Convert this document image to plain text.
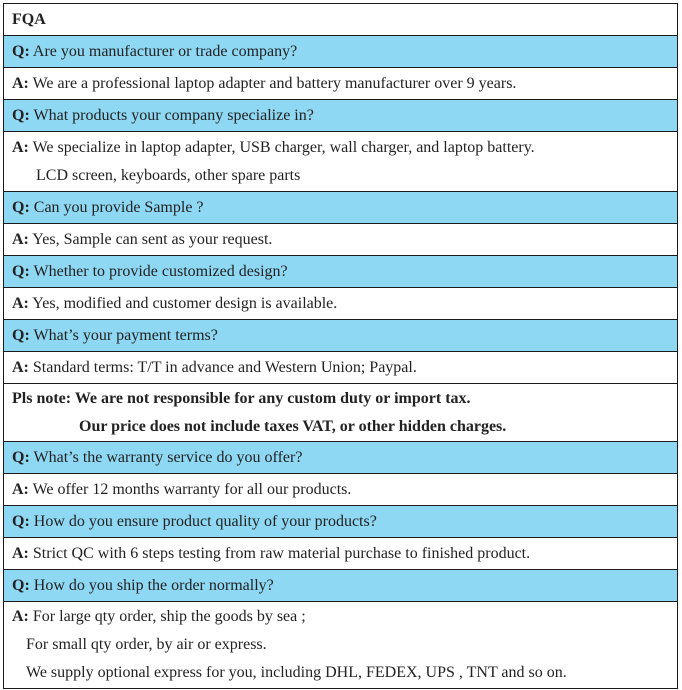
FQA
Q: Are you manufacturer or trade company?
A: We are a professional laptop adapter and battery manufacturer over 9 years.
Q: What products your company specialize in?
A: We specialize in laptop adapter, USB charger, wall charger, and laptop battery.
LCD screen, keyboards, other spare parts

Q: Can you provide Sample ?
A: Yes, Sample can sent as your request.
Q: Whether to provide customized design?
A: Yes, modified and customer design is available.
Q: What’s your payment terms?
A: Standard terms: T/T in advance and Western Union; Paypal.

Pls note: We are not responsible for any custom duty or import tax.
Our price does not include taxes VAT, or other hidden charges.

Q: What’s the warranty service do you offer?
A: We offer 12 months warranty for all our products.
Q: How do you ensure product quality of your products?
A: Strict QC with 6 steps testing from raw material purchase to finished product.
Q: How do you ship the order normally?
A: For large qty order, ship the goods by sea ;
For small qty order, by air or express.
We supply optional express for you, including DHL, FEDEX, UPS , TNT and so on.
